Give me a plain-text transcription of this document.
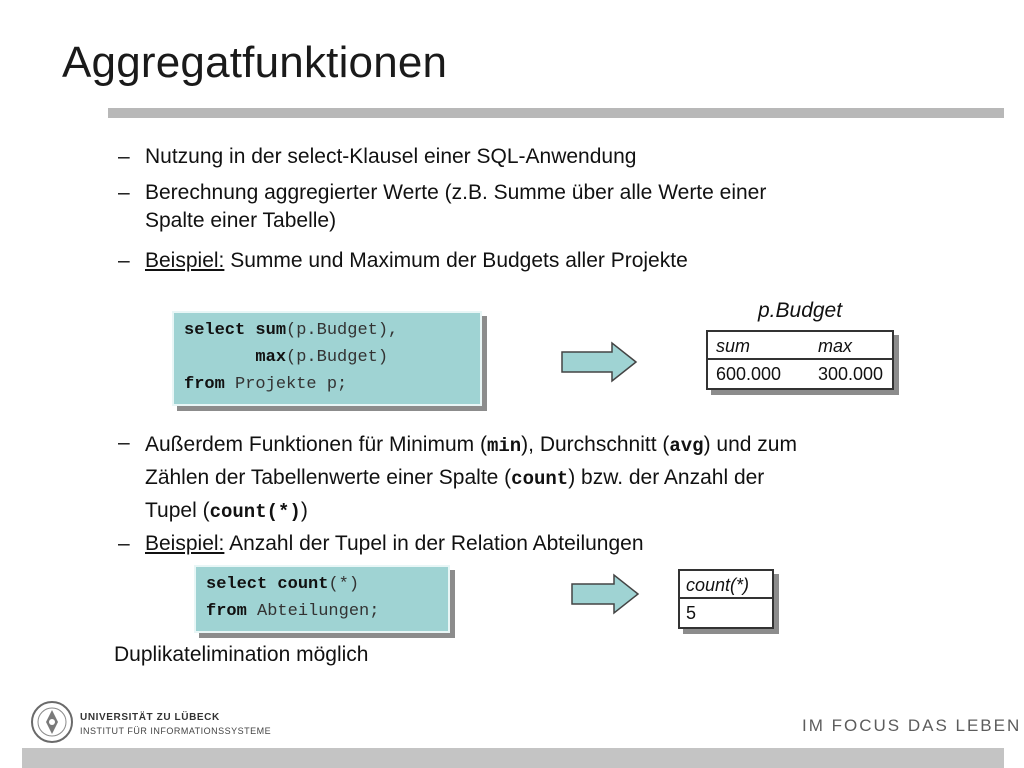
Aggregatfunktionen
– Nutzung in der select-Klausel einer SQL-Anwendung
– Berechnung aggregierter Werte (z.B. Summe über alle Werte einer
Spalte einer Tabelle)
– Beispiel: Summe und Maximum der Budgets aller Projekte
select sum(p.Budget),
max(p.Budget)
from Projekte p;
p.Budget
sum	max
600.000 300.000
– Außerdem Funktionen für Minimum (min), Durchschnitt (avg) und zum
Zählen der Tabellenwerte einer Spalte (count) bzw. der Anzahl der
Tupel (count(*))
– Beispiel: Anzahl der Tupel in der Relation Abteilungen
select count(*)
from Abteilungen;
count(*)
5
Duplikatelimination möglich
UNIVERSITÄT ZU LÜBECK
INSTITUT FÜR INFORMATIONSSYSTEME	IM FOCUS DAS LEBEN
